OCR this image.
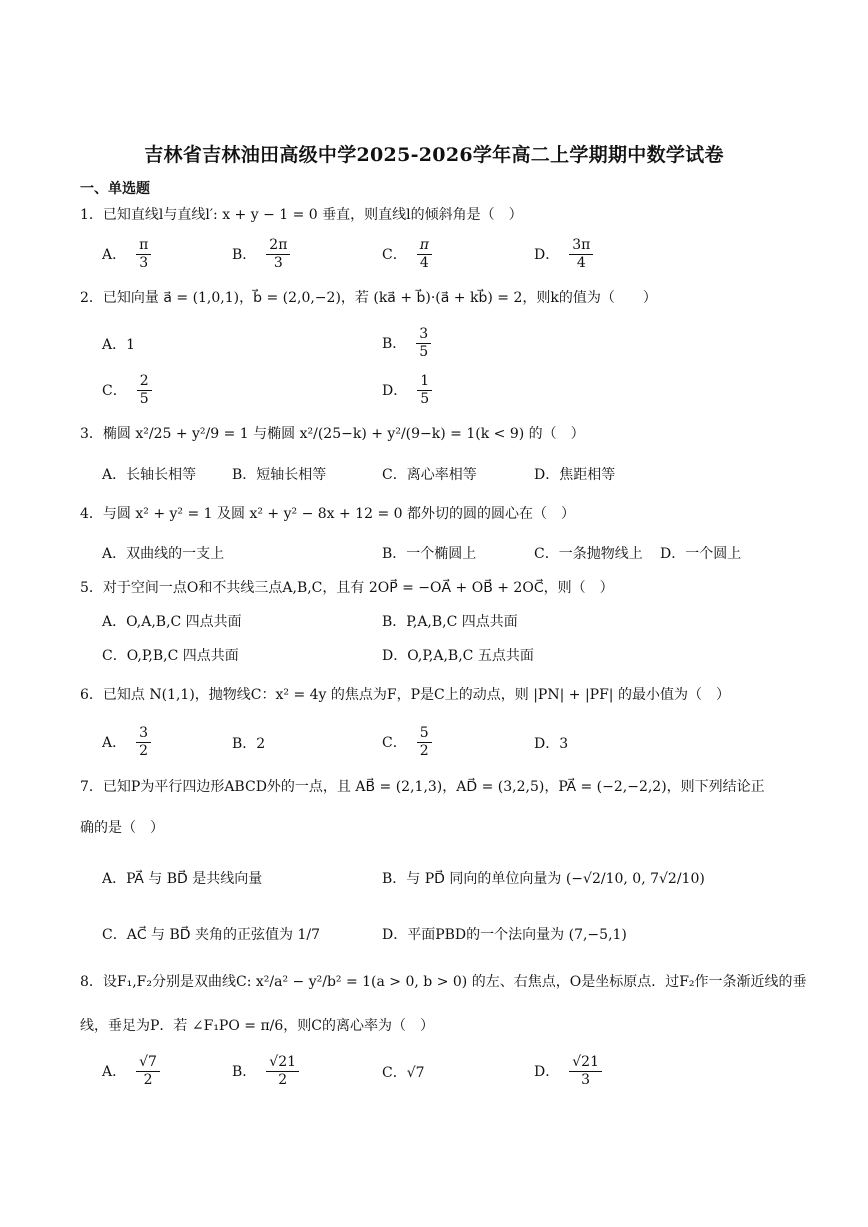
吉林省吉林油田高级中学2025-2026学年高二上学期期中数学试卷
一、单选题
1．已知直线l与直线l′: x + y − 1 = 0 垂直，则直线l的倾斜角是（　）
A． $\frac{\pi}{3}$	B． $\frac{2\pi}{3}$	C． $\frac{\pi}{4}$	D． $\frac{3\pi}{4}$
2．已知向量 a⃗ = (1,0,1)，b⃗ = (2,0,−2)，若 (ka⃗ + b⃗)·(a⃗ + kb⃗) = 2，则k的值为（　　）
A．1	B． $\frac{3}{5}$
C． $\frac{2}{5}$	D． $\frac{1}{5}$
3．椭圆 x²/25 + y²/9 = 1 与椭圆 x²/(25−k) + y²/(9−k) = 1(k < 9) 的（　）
A．长轴长相等	B．短轴长相等	C．离心率相等	D．焦距相等
4．与圆 x² + y² = 1 及圆 x² + y² − 8x + 12 = 0 都外切的圆的圆心在（　）
A．双曲线的一支上	B．一个椭圆上	C．一条抛物线上 D．一个圆上
5．对于空间一点O和不共线三点A,B,C，且有 2OP⃗ = −OA⃗ + OB⃗ + 2OC⃗，则（　）
A．O,A,B,C 四点共面	B．P,A,B,C 四点共面
C．O,P,B,C 四点共面	D．O,P,A,B,C 五点共面
6．已知点 N(1,1)，抛物线C：x² = 4y 的焦点为F，P是C上的动点，则 |PN| + |PF| 的最小值为（　）
A． $\frac{3}{2}$	B．2	C． $\frac{5}{2}$	D．3
7．已知P为平行四边形ABCD外的一点，且 AB⃗ = (2,1,3)，AD⃗ = (3,2,5)，PA⃗ = (−2,−2,2)，则下列结论正
确的是（　）
A．PA⃗ 与 BD⃗ 是共线向量	B．与 PD⃗ 同向的单位向量为 (−√2/10, 0, 7√2/10)
C．AC⃗ 与 BD⃗ 夹角的正弦值为 1/7	D．平面PBD的一个法向量为 (7,−5,1)
8．设F₁,F₂分别是双曲线C: x²/a² − y²/b² = 1(a > 0, b > 0) 的左、右焦点，O是坐标原点．过F₂作一条渐近线的垂
线，垂足为P．若 ∠F₁PO = π/6，则C的离心率为（　）
A． $\frac{√7}{2}$	B． $\frac{√21}{2}$	C．√7	D． $\frac{√21}{3}$
